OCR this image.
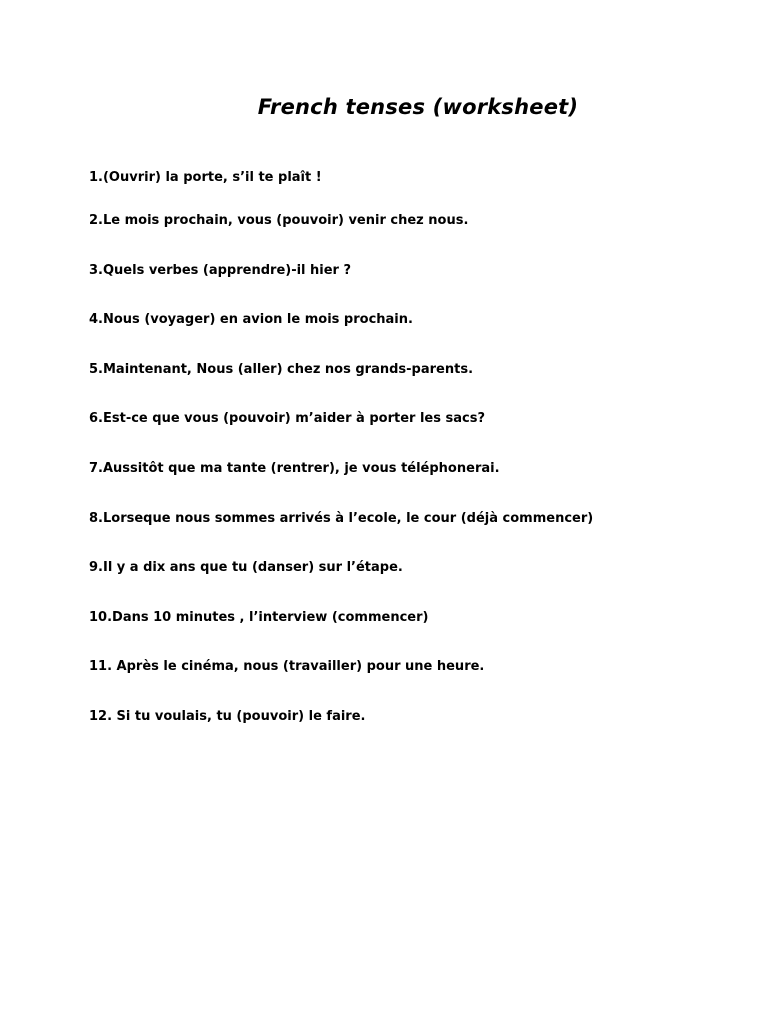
French tenses (worksheet)
1.(Ouvrir) la porte, s’il te plaît !
2.Le mois prochain, vous (pouvoir) venir chez nous.
3.Quels verbes (apprendre)-il hier ?
4.Nous (voyager) en avion le mois prochain.
5.Maintenant, Nous (aller) chez nos grands-parents.
6.Est-ce que vous (pouvoir) m’aider à porter les sacs?
7.Aussitôt que ma tante (rentrer), je vous téléphonerai.
8.Lorseque nous sommes arrivés à l’ecole, le cour (déjà commencer)
9.Il y a dix ans que tu (danser) sur l’étape.
10.Dans 10 minutes , l’interview (commencer)
11. Après le cinéma, nous (travailler) pour une heure.
12. Si tu voulais, tu (pouvoir) le faire.
